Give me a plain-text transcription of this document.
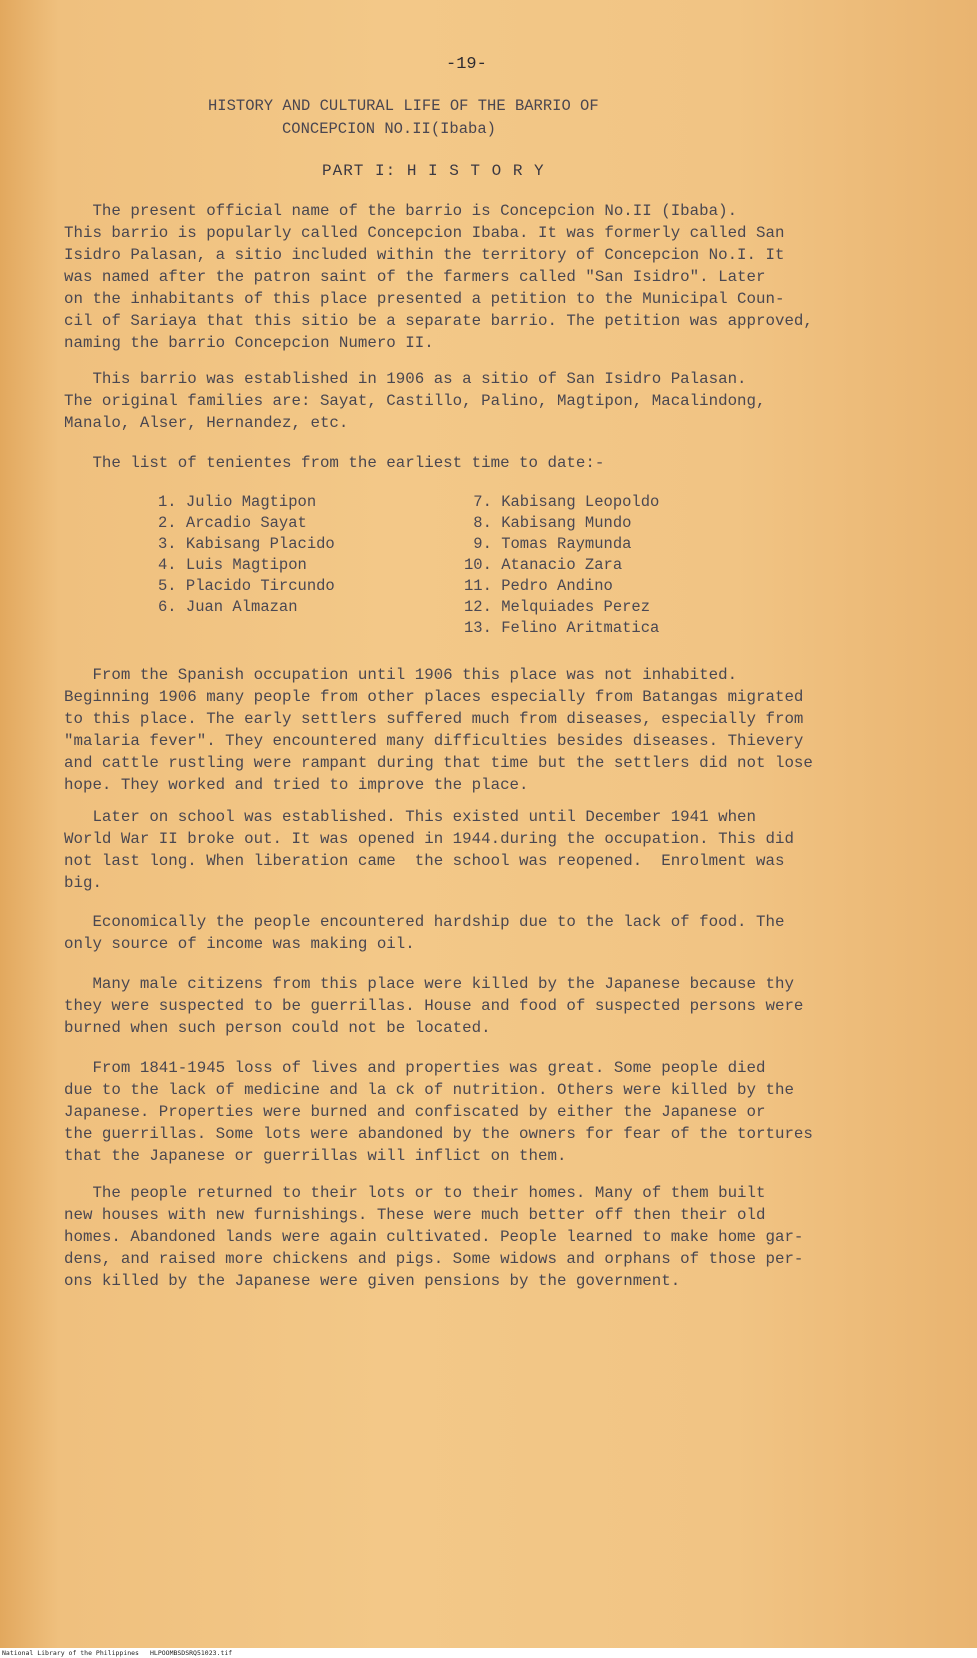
-19-
HISTORY AND CULTURAL LIFE OF THE BARRIO OF
CONCEPCION NO.II(Ibaba)
PART I: H I S T O R Y
The present official name of the barrio is Concepcion No.II (Ibaba).
This barrio is popularly called Concepcion Ibaba. It was formerly called San
Isidro Palasan, a sitio included within the territory of Concepcion No.I. It
was named after the patron saint of the farmers called "San Isidro". Later
on the inhabitants of this place presented a petition to the Municipal Coun-
cil of Sariaya that this sitio be a separate barrio. The petition was approved,
naming the barrio Concepcion Numero II.
This barrio was established in 1906 as a sitio of San Isidro Palasan.
The original families are: Sayat, Castillo, Palino, Magtipon, Macalindong,
Manalo, Alser, Hernandez, etc.
The list of tenientes from the earliest time to date:-
1. Julio Magtipon
2. Arcadio Sayat
3. Kabisang Placido
4. Luis Magtipon
5. Placido Tircundo
6. Juan Almazan
7. Kabisang Leopoldo
8. Kabisang Mundo
9. Tomas Raymunda
10. Atanacio Zara
11. Pedro Andino
12. Melquiades Perez
13. Felino Aritmatica
From the Spanish occupation until 1906 this place was not inhabited.
Beginning 1906 many people from other places especially from Batangas migrated
to this place. The early settlers suffered much from diseases, especially from
"malaria fever". They encountered many difficulties besides diseases. Thievery
and cattle rustling were rampant during that time but the settlers did not lose
hope. They worked and tried to improve the place.
Later on school was established. This existed until December 1941 when
World War II broke out. It was opened in 1944.during the occupation. This did
not last long. When liberation came  the school was reopened.  Enrolment was
big.
Economically the people encountered hardship due to the lack of food. The
only source of income was making oil.
Many male citizens from this place were killed by the Japanese because thy
they were suspected to be guerrillas. House and food of suspected persons were
burned when such person could not be located.
From 1841-1945 loss of lives and properties was great. Some people died
due to the lack of medicine and la ck of nutrition. Others were killed by the
Japanese. Properties were burned and confiscated by either the Japanese or
the guerrillas. Some lots were abandoned by the owners for fear of the tortures
that the Japanese or guerrillas will inflict on them.
The people returned to their lots or to their homes. Many of them built
new houses with new furnishings. These were much better off then their old
homes. Abandoned lands were again cultivated. People learned to make home gar-
dens, and raised more chickens and pigs. Some widows and orphans of those per-
ons killed by the Japanese were given pensions by the government.
National Library of the Philippines HLPOOMBSDSRQ51023.tif
